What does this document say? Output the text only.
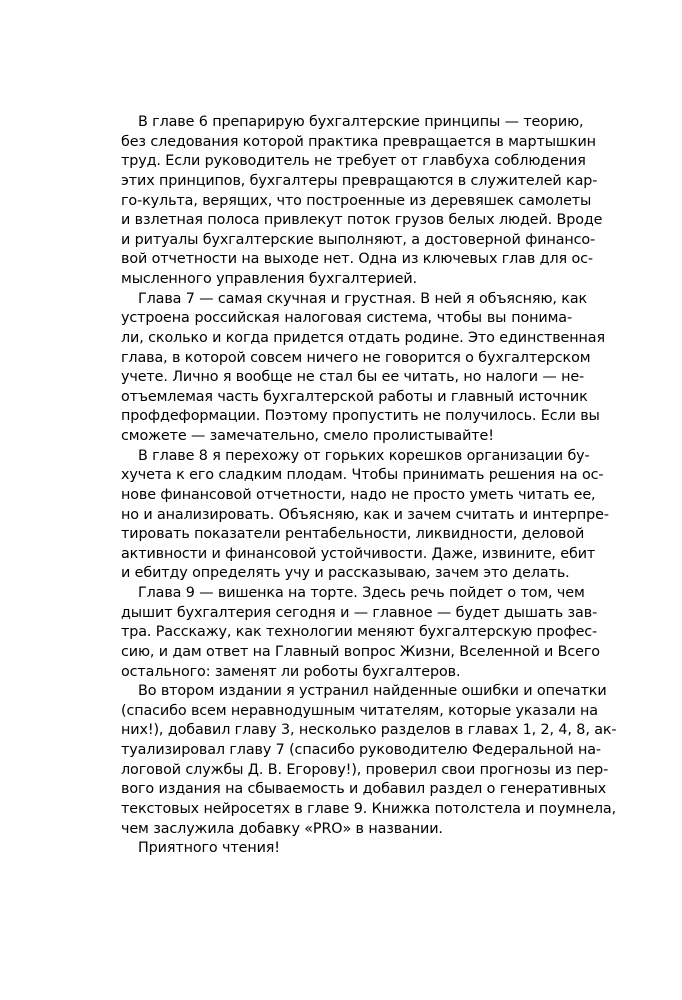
В главе 6 препарирую бухгалтерские принципы — теорию,
без следования которой практика превращается в мартышкин
труд. Если руководитель не требует от главбуха соблюдения
этих принципов, бухгалтеры превращаются в служителей кар-
го-культа, верящих, что построенные из деревяшек самолеты
и взлетная полоса привлекут поток грузов белых людей. Вроде
и ритуалы бухгалтерские выполняют, а достоверной финансо-
вой отчетности на выходе нет. Одна из ключевых глав для ос-
мысленного управления бухгалтерией.

Глава 7 — самая скучная и грустная. В ней я объясняю, как
устроена российская налоговая система, чтобы вы понима-
ли, сколько и когда придется отдать родине. Это единственная
глава, в которой совсем ничего не говорится о бухгалтерском
учете. Лично я вообще не стал бы ее читать, но налоги — не-
отъемлемая часть бухгалтерской работы и главный источник
профдеформации. Поэтому пропустить не получилось. Если вы
сможете — замечательно, смело пролистывайте!

В главе 8 я перехожу от горьких корешков организации бу-
хучета к его сладким плодам. Чтобы принимать решения на ос-
нове финансовой отчетности, надо не просто уметь читать ее,
но и анализировать. Объясняю, как и зачем считать и интерпре-
тировать показатели рентабельности, ликвидности, деловой
активности и финансовой устойчивости. Даже, извините, ебит
и ебитду определять учу и рассказываю, зачем это делать.

Глава 9 — вишенка на торте. Здесь речь пойдет о том, чем
дышит бухгалтерия сегодня и — главное — будет дышать зав-
тра. Расскажу, как технологии меняют бухгалтерскую профес-
сию, и дам ответ на Главный вопрос Жизни, Вселенной и Всего
остального: заменят ли роботы бухгалтеров.

Во втором издании я устранил найденные ошибки и опечатки
(спасибо всем неравнодушным читателям, которые указали на
них!), добавил главу 3, несколько разделов в главах 1, 2, 4, 8, ак-
туализировал главу 7 (спасибо руководителю Федеральной на-
логовой службы Д. В. Егорову!), проверил свои прогнозы из пер-
вого издания на сбываемость и добавил раздел о генеративных
текстовых нейросетях в главе 9. Книжка потолстела и поумнела,
чем заслужила добавку «PRO» в названии.

Приятного чтения!
